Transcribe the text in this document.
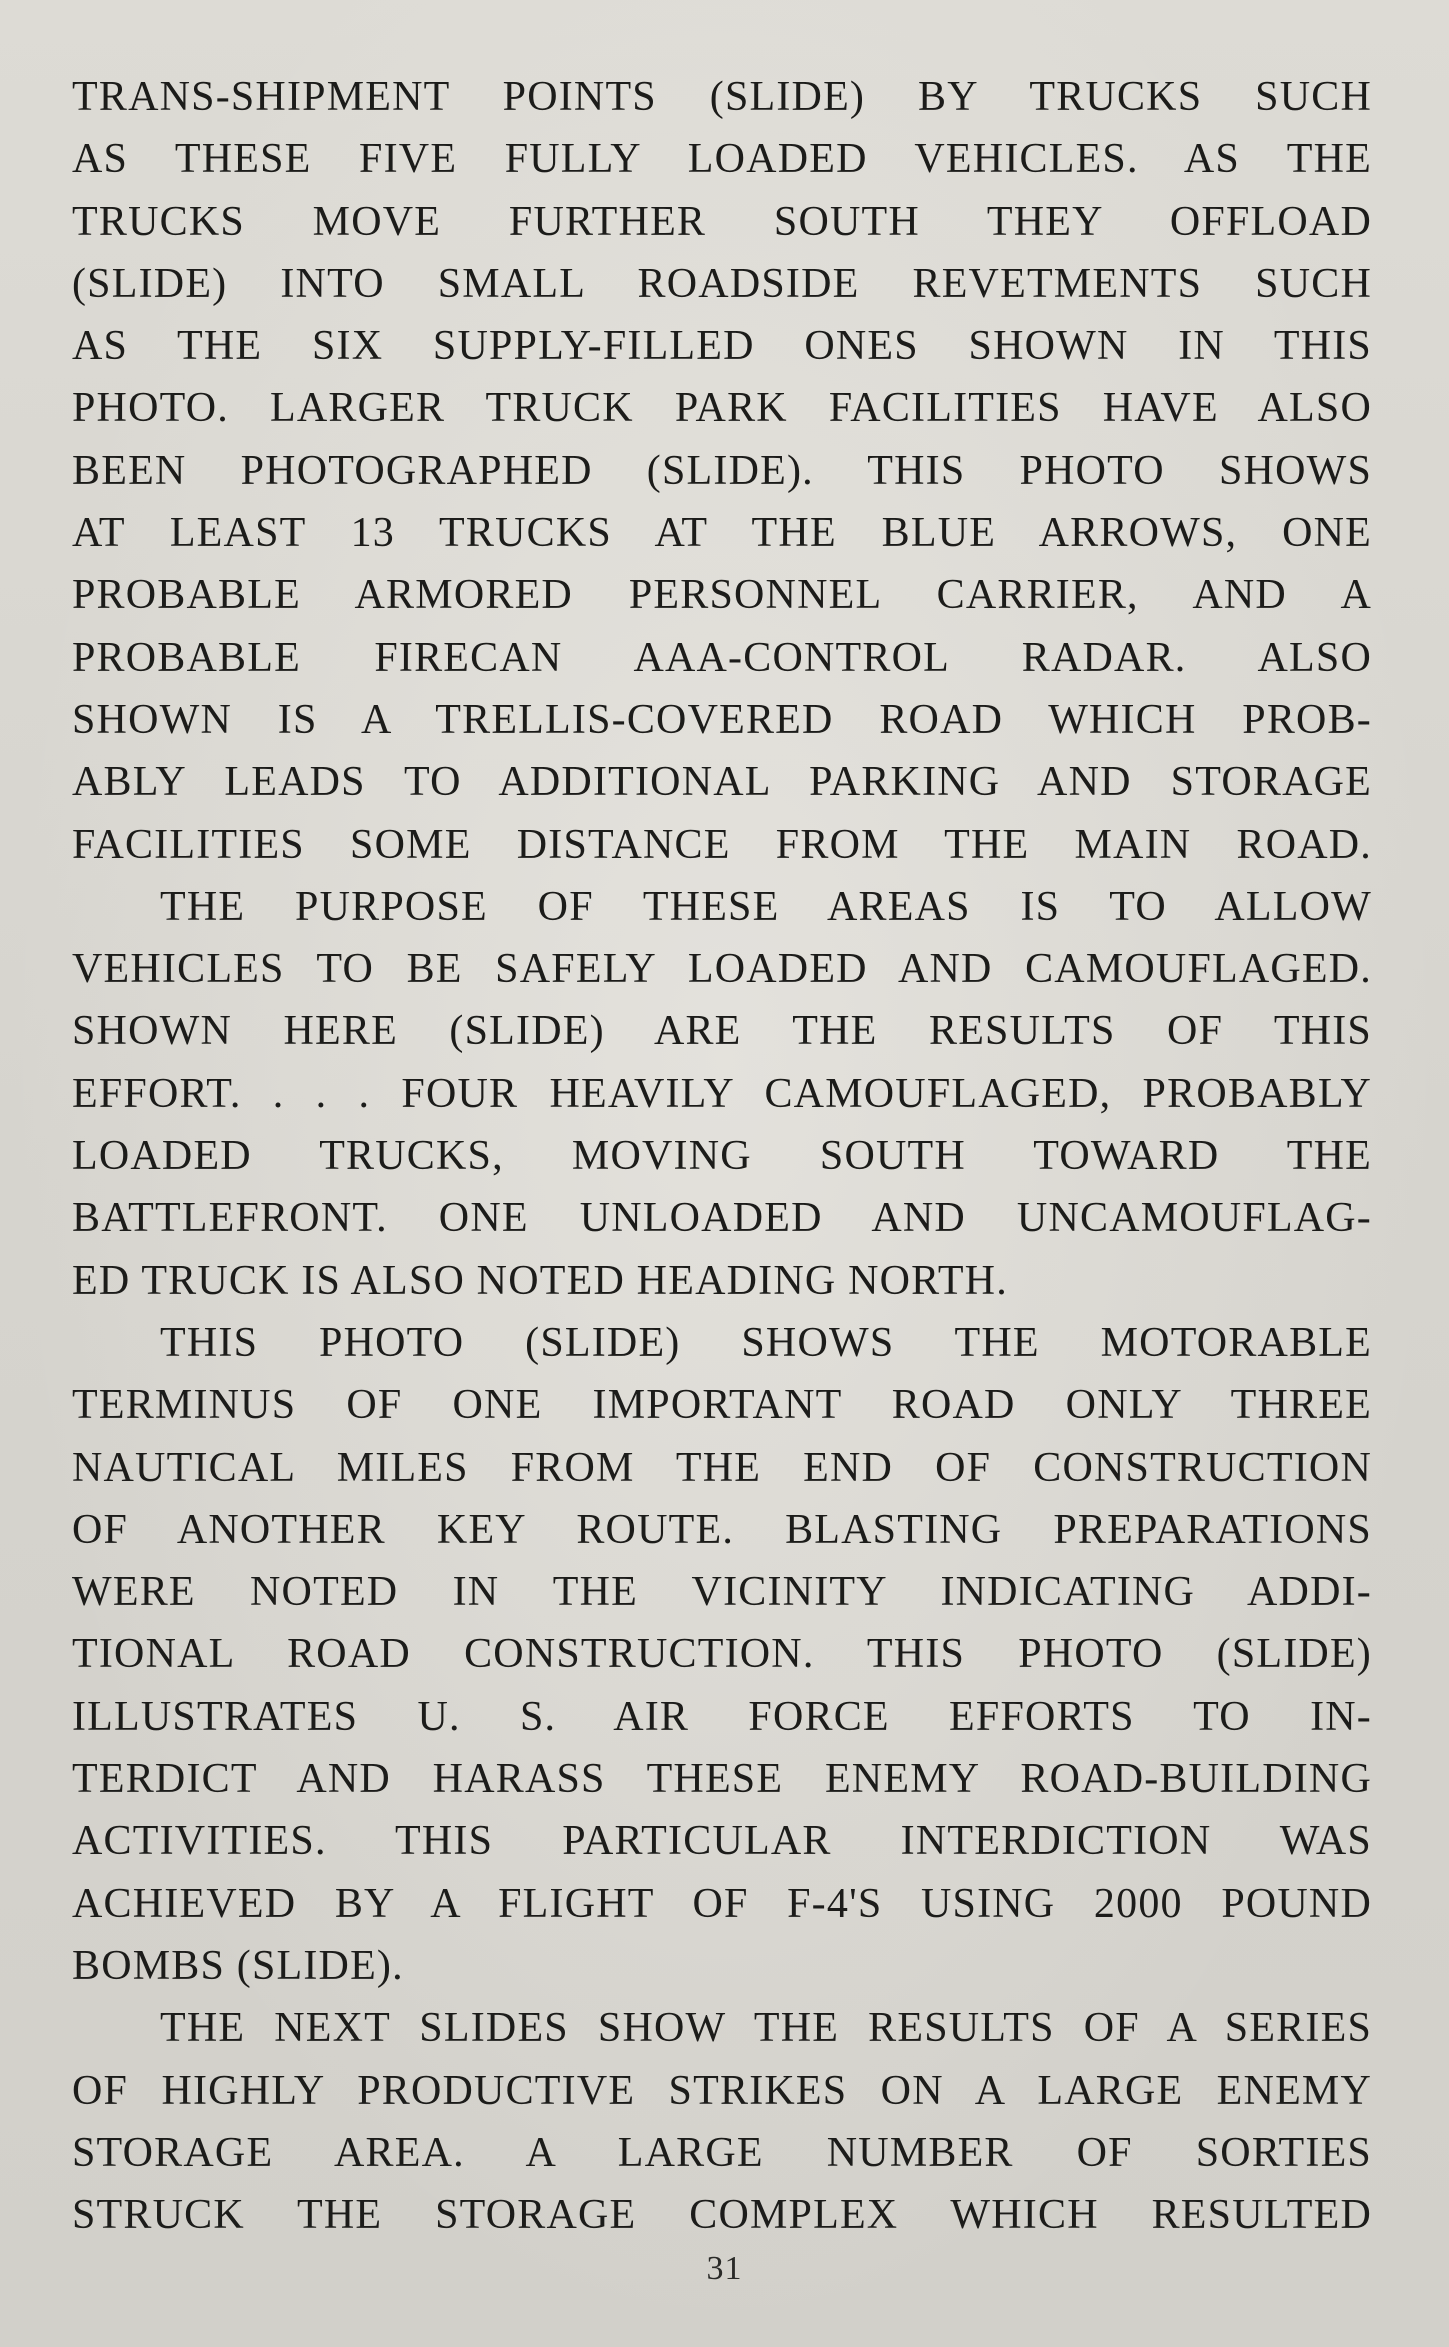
TRANS-SHIPMENT POINTS (SLIDE) BY TRUCKS SUCH
AS THESE FIVE FULLY LOADED VEHICLES. AS THE
TRUCKS MOVE FURTHER SOUTH THEY OFFLOAD
(SLIDE) INTO SMALL ROADSIDE REVETMENTS SUCH
AS THE SIX SUPPLY-FILLED ONES SHOWN IN THIS
PHOTO. LARGER TRUCK PARK FACILITIES HAVE ALSO
BEEN PHOTOGRAPHED (SLIDE). THIS PHOTO SHOWS
AT LEAST 13 TRUCKS AT THE BLUE ARROWS, ONE
PROBABLE ARMORED PERSONNEL CARRIER, AND A
PROBABLE FIRECAN AAA-CONTROL RADAR. ALSO
SHOWN IS A TRELLIS-COVERED ROAD WHICH PROB-
ABLY LEADS TO ADDITIONAL PARKING AND STORAGE
FACILITIES SOME DISTANCE FROM THE MAIN ROAD.
THE PURPOSE OF THESE AREAS IS TO ALLOW
VEHICLES TO BE SAFELY LOADED AND CAMOUFLAGED.
SHOWN HERE (SLIDE) ARE THE RESULTS OF THIS
EFFORT. . . . FOUR HEAVILY CAMOUFLAGED, PROBABLY
LOADED TRUCKS, MOVING SOUTH TOWARD THE
BATTLEFRONT. ONE UNLOADED AND UNCAMOUFLAG-
ED TRUCK IS ALSO NOTED HEADING NORTH.
THIS PHOTO (SLIDE) SHOWS THE MOTORABLE
TERMINUS OF ONE IMPORTANT ROAD ONLY THREE
NAUTICAL MILES FROM THE END OF CONSTRUCTION
OF ANOTHER KEY ROUTE. BLASTING PREPARATIONS
WERE NOTED IN THE VICINITY INDICATING ADDI-
TIONAL ROAD CONSTRUCTION. THIS PHOTO (SLIDE)
ILLUSTRATES U. S. AIR FORCE EFFORTS TO IN-
TERDICT AND HARASS THESE ENEMY ROAD-BUILDING
ACTIVITIES. THIS PARTICULAR INTERDICTION WAS
ACHIEVED BY A FLIGHT OF F-4'S USING 2000 POUND
BOMBS (SLIDE).
THE NEXT SLIDES SHOW THE RESULTS OF A SERIES
OF HIGHLY PRODUCTIVE STRIKES ON A LARGE ENEMY
STORAGE AREA. A LARGE NUMBER OF SORTIES
STRUCK THE STORAGE COMPLEX WHICH RESULTED
31
